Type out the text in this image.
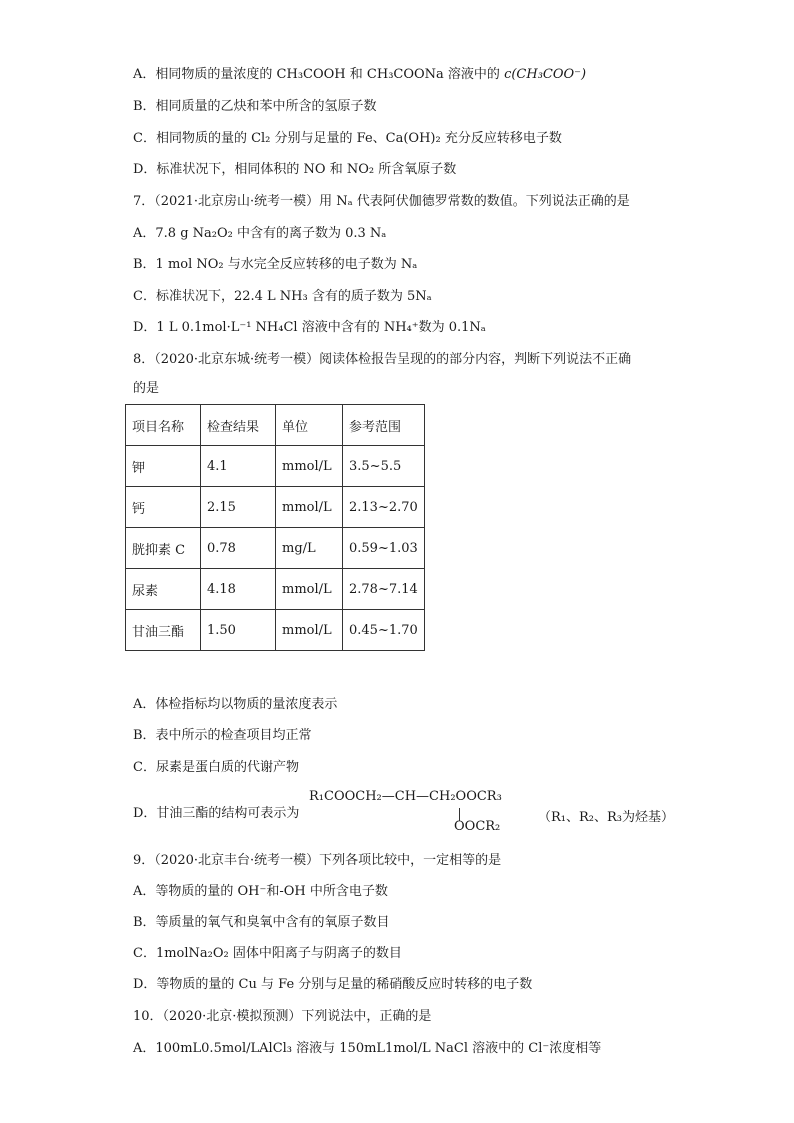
A．相同物质的量浓度的 CH₃COOH 和 CH₃COONa 溶液中的 c(CH₃COO⁻)
B．相同质量的乙炔和苯中所含的氢原子数
C．相同物质的量的 Cl₂ 分别与足量的 Fe、Ca(OH)₂ 充分反应转移电子数
D．标准状况下，相同体积的 NO 和 NO₂ 所含氧原子数
7．（2021·北京房山·统考一模）用 Nₐ 代表阿伏伽德罗常数的数值。下列说法正确的是
A．7.8 g Na₂O₂ 中含有的离子数为 0.3 Nₐ
B．1 mol NO₂ 与水完全反应转移的电子数为 Nₐ
C．标准状况下，22.4 L NH₃ 含有的质子数为 5Nₐ
D．1 L 0.1mol·L⁻¹ NH₄Cl 溶液中含有的 NH₄⁺数为 0.1Nₐ
8．（2020·北京东城·统考一模）阅读体检报告呈现的的部分内容，判断下列说法不正确
的是
项目名称	检查结果	单位	参考范围
钾	4.1	mmol/L	3.5~5.5
钙	2.15	mmol/L	2.13~2.70
胱抑素 C	0.78	mg/L	0.59~1.03
尿素	4.18	mmol/L	2.78~7.14
甘油三酯	1.50	mmol/L	0.45~1.70
A．体检指标均以物质的量浓度表示
B．表中所示的检查项目均正常
C．尿素是蛋白质的代谢产物
D．甘油三酯的结构可表示为
R₁COOCH₂—CH—CH₂OOCR₃
OOCR₂
（R₁、R₂、R₃为烃基）
9．（2020·北京丰台·统考一模）下列各项比较中，一定相等的是
A．等物质的量的 OH⁻和-OH 中所含电子数
B．等质量的氧气和臭氧中含有的氧原子数目
C．1molNa₂O₂ 固体中阳离子与阴离子的数目
D．等物质的量的 Cu 与 Fe 分别与足量的稀硝酸反应时转移的电子数
10．（2020·北京·模拟预测）下列说法中，正确的是
A．100mL0.5mol/LAlCl₃ 溶液与 150mL1mol/L NaCl 溶液中的 Cl⁻浓度相等
